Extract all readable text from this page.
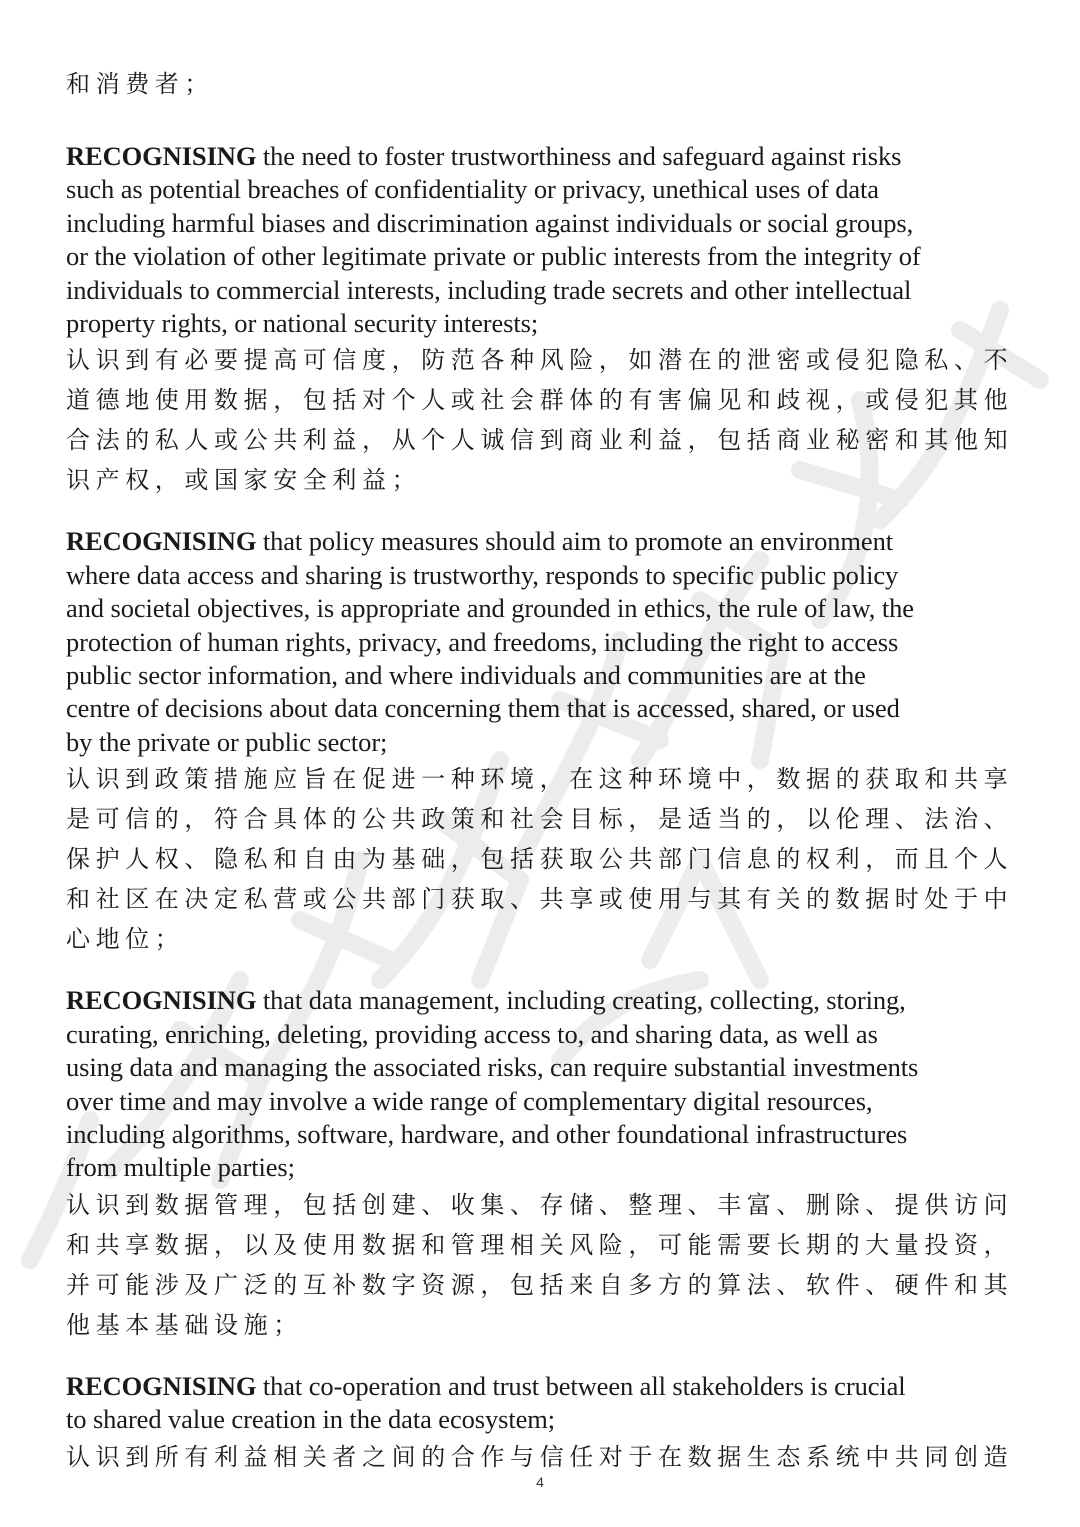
和消费者；

RECOGNISING the need to foster trustworthiness and safeguard against risks
such as potential breaches of confidentiality or privacy, unethical uses of data
including harmful biases and discrimination against individuals or social groups,
or the violation of other legitimate private or public interests from the integrity of
individuals to commercial interests, including trade secrets and other intellectual
property rights, or national security interests;

认识到有必要提高可信度，防范各种风险，如潜在的泄密或侵犯隐私、不
道德地使用数据，包括对个人或社会群体的有害偏见和歧视，或侵犯其他
合法的私人或公共利益，从个人诚信到商业利益，包括商业秘密和其他知
识产权，或国家安全利益；

RECOGNISING that policy measures should aim to promote an environment
where data access and sharing is trustworthy, responds to specific public policy
and societal objectives, is appropriate and grounded in ethics, the rule of law, the
protection of human rights, privacy, and freedoms, including the right to access
public sector information, and where individuals and communities are at the
centre of decisions about data concerning them that is accessed, shared, or used
by the private or public sector;

认识到政策措施应旨在促进一种环境，在这种环境中，数据的获取和共享
是可信的，符合具体的公共政策和社会目标，是适当的，以伦理、法治、
保护人权、隐私和自由为基础，包括获取公共部门信息的权利，而且个人
和社区在决定私营或公共部门获取、共享或使用与其有关的数据时处于中
心地位；

RECOGNISING that data management, including creating, collecting, storing,
curating, enriching, deleting, providing access to, and sharing data, as well as
using data and managing the associated risks, can require substantial investments
over time and may involve a wide range of complementary digital resources,
including algorithms, software, hardware, and other foundational infrastructures
from multiple parties;

认识到数据管理，包括创建、收集、存储、整理、丰富、删除、提供访问
和共享数据，以及使用数据和管理相关风险，可能需要长期的大量投资，
并可能涉及广泛的互补数字资源，包括来自多方的算法、软件、硬件和其
他基本基础设施；

RECOGNISING that co-operation and trust between all stakeholders is crucial
to shared value creation in the data ecosystem;

认识到所有利益相关者之间的合作与信任对于在数据生态系统中共同创造

4
